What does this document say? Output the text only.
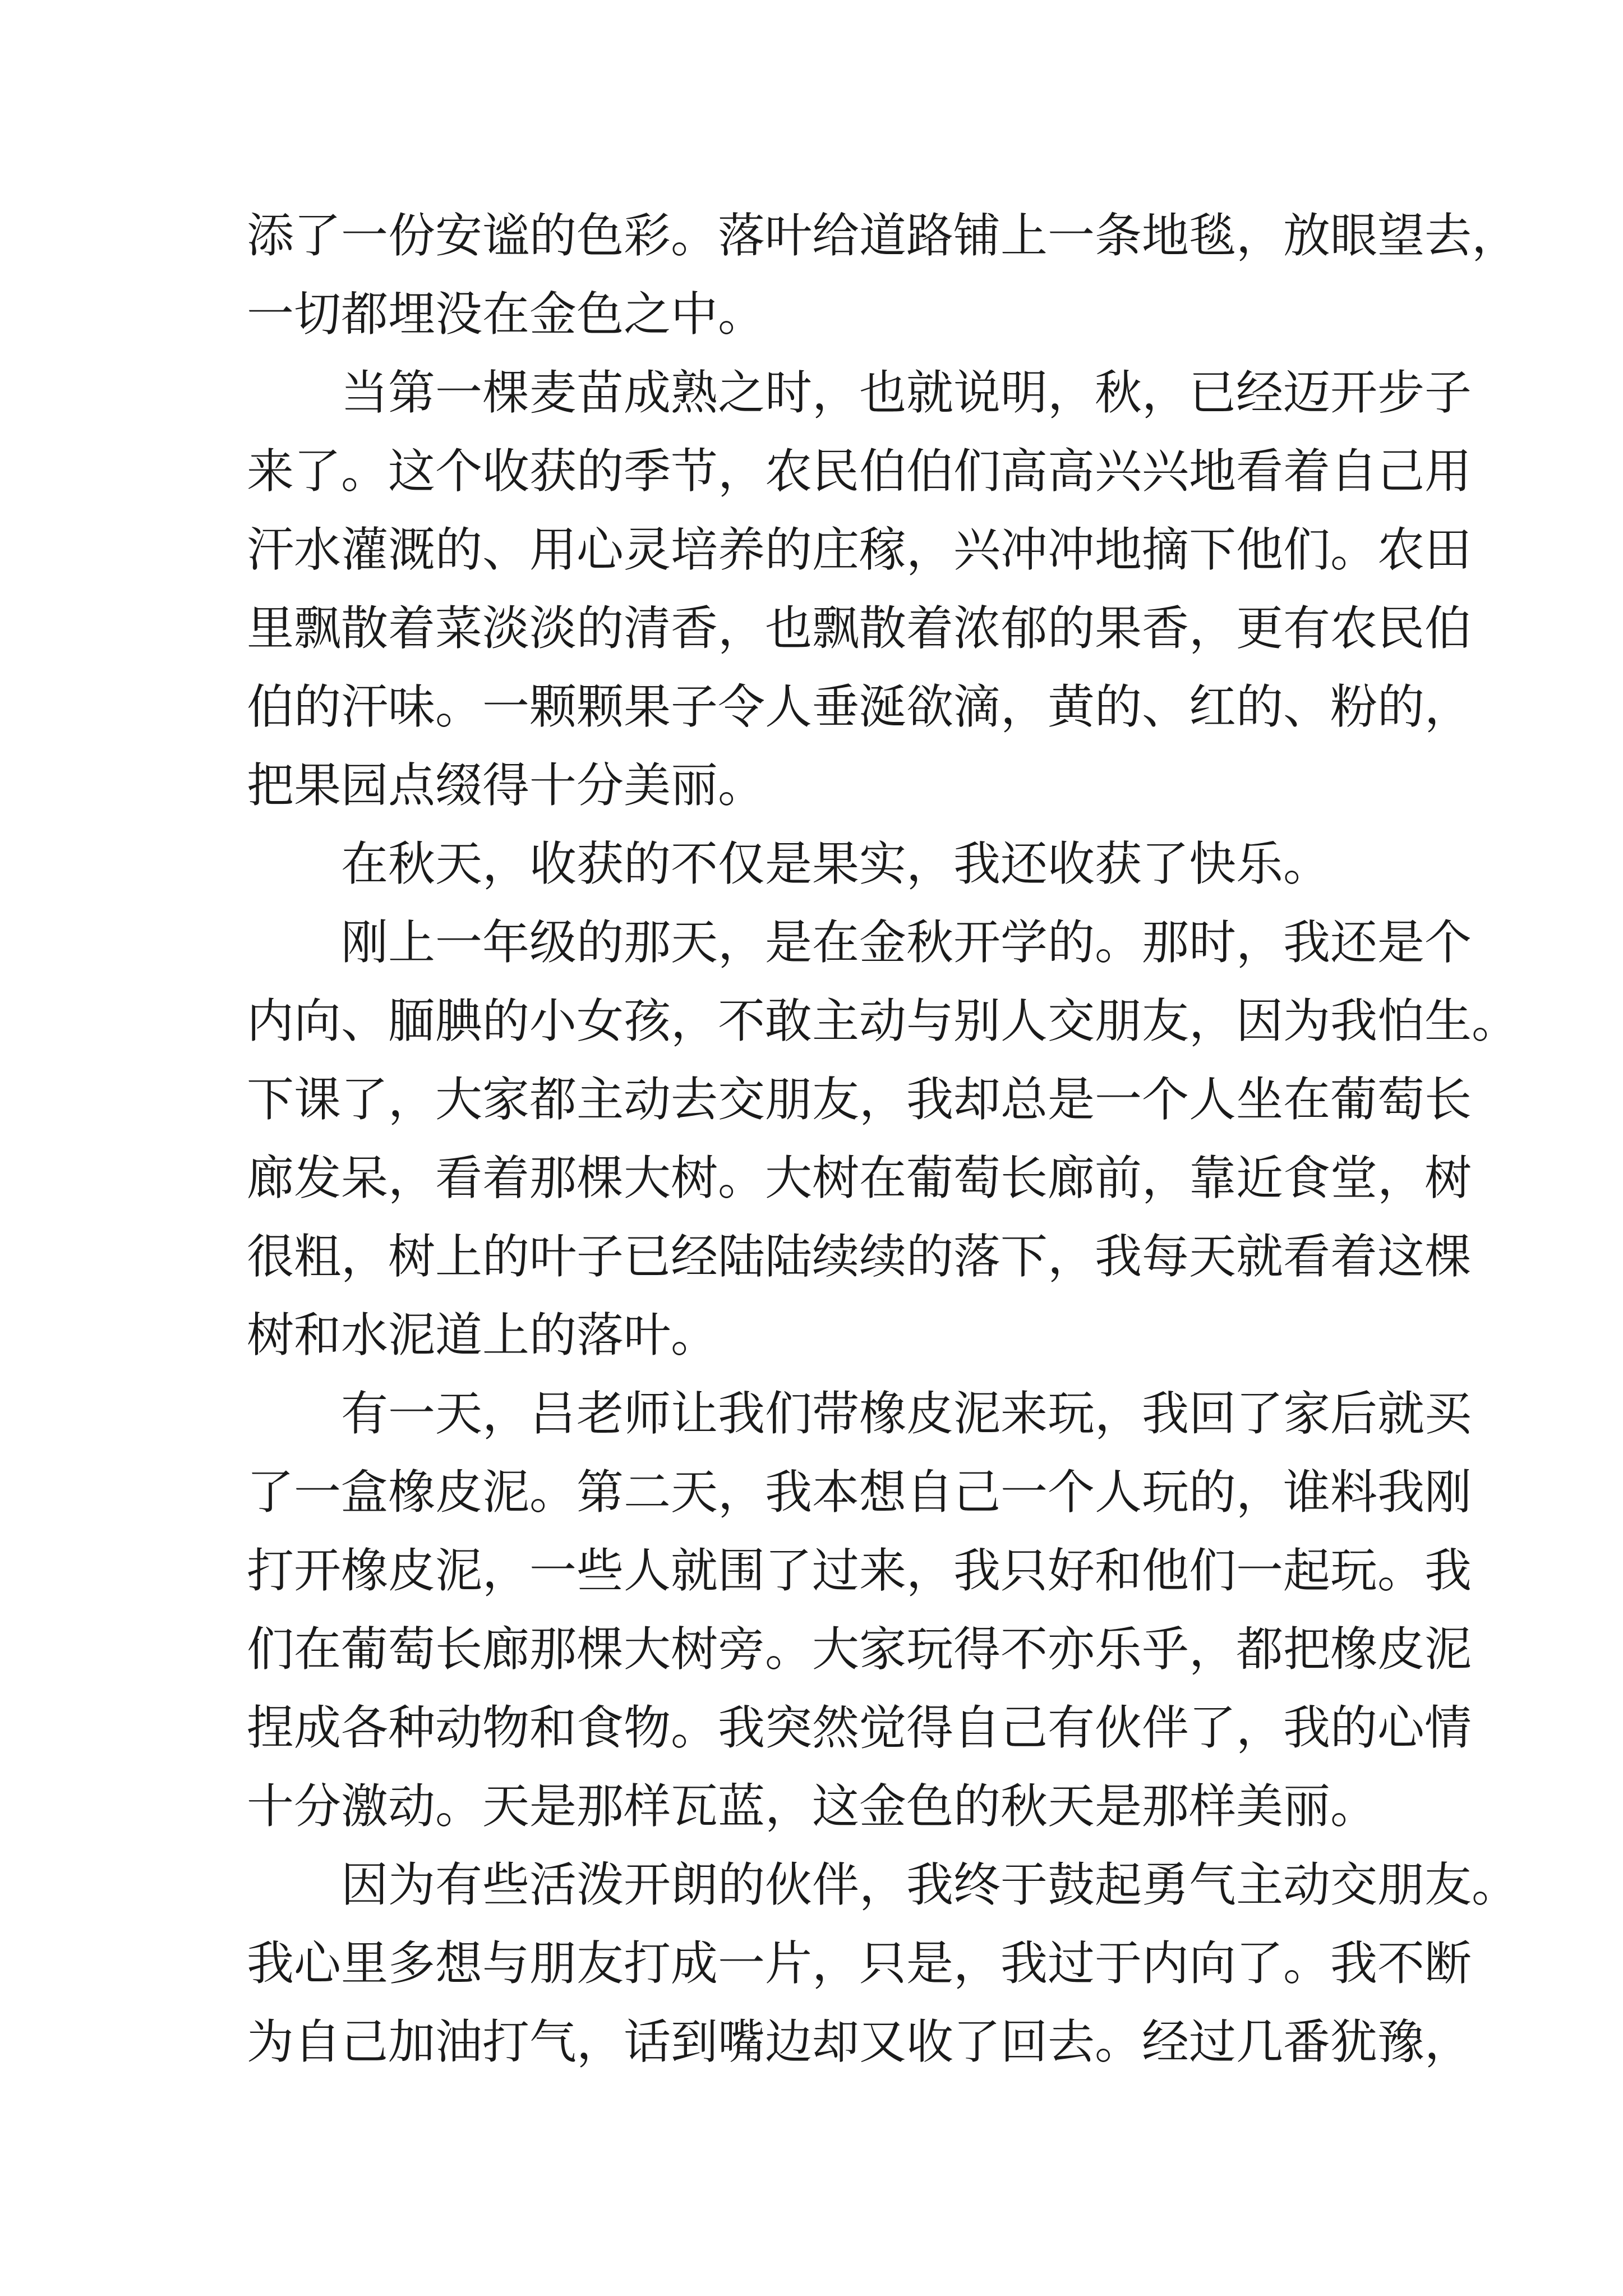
添了一份安谧的色彩。落叶给道路铺上一条地毯，放眼望去，
一切都埋没在金色之中。
当第一棵麦苗成熟之时，也就说明，秋，已经迈开步子
来了。这个收获的季节，农民伯伯们高高兴兴地看着自己用
汗水灌溉的、用心灵培养的庄稼，兴冲冲地摘下他们。农田
里飘散着菜淡淡的清香，也飘散着浓郁的果香，更有农民伯
伯的汗味。一颗颗果子令人垂涎欲滴，黄的、红的、粉的，
把果园点缀得十分美丽。
在秋天，收获的不仅是果实，我还收获了快乐。
刚上一年级的那天，是在金秋开学的。那时，我还是个
内向、腼腆的小女孩，不敢主动与别人交朋友，因为我怕生。
下课了，大家都主动去交朋友，我却总是一个人坐在葡萄长
廊发呆，看着那棵大树。大树在葡萄长廊前，靠近食堂，树
很粗，树上的叶子已经陆陆续续的落下，我每天就看着这棵
树和水泥道上的落叶。
有一天，吕老师让我们带橡皮泥来玩，我回了家后就买
了一盒橡皮泥。第二天，我本想自己一个人玩的，谁料我刚
打开橡皮泥，一些人就围了过来，我只好和他们一起玩。我
们在葡萄长廊那棵大树旁。大家玩得不亦乐乎，都把橡皮泥
捏成各种动物和食物。我突然觉得自己有伙伴了，我的心情
十分激动。天是那样瓦蓝，这金色的秋天是那样美丽。
因为有些活泼开朗的伙伴，我终于鼓起勇气主动交朋友。
我心里多想与朋友打成一片，只是，我过于内向了。我不断
为自己加油打气，话到嘴边却又收了回去。经过几番犹豫，
